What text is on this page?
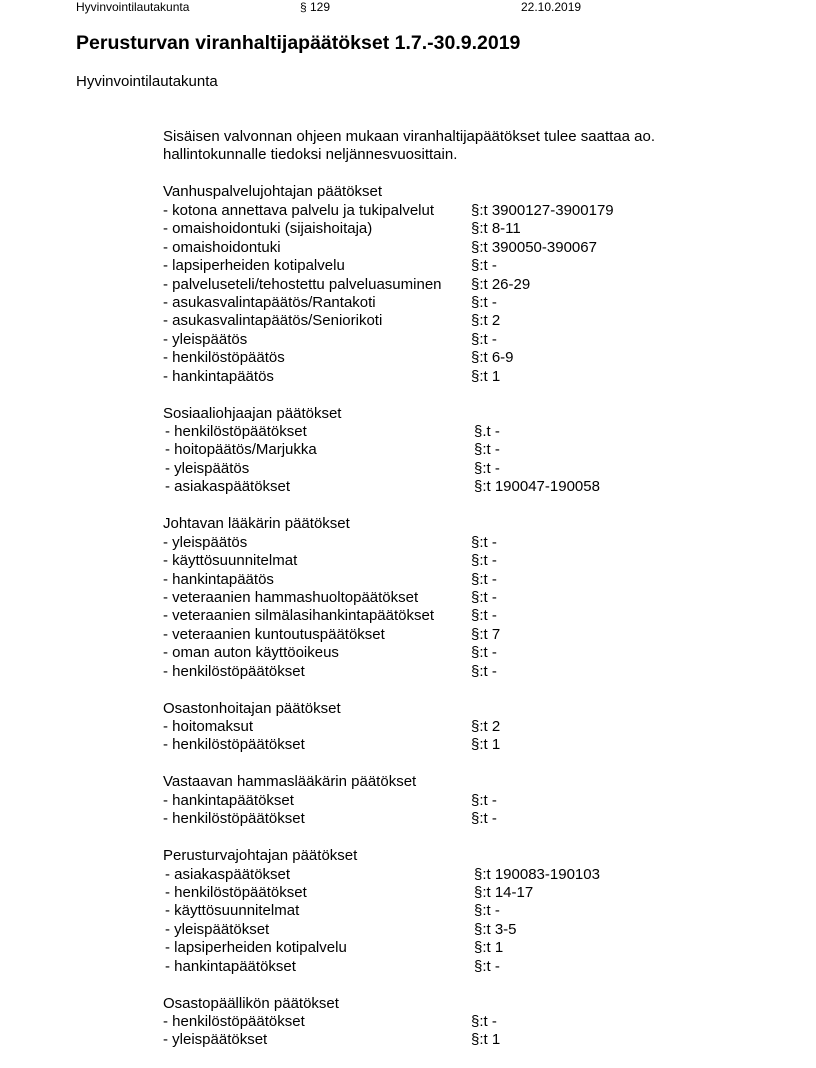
Hyvinvointilautakunta	§ 129	22.10.2019
Perusturvan viranhaltijapäätökset 1.7.-30.9.2019
Hyvinvointilautakunta
Sisäisen valvonnan ohjeen mukaan viranhaltijapäätökset tulee saattaa ao.
hallintokunnalle tiedoksi neljännesvuosittain.
Vanhuspalvelujohtajan päätökset
- kotona annettava palvelu ja tukipalvelut §:t 3900127-3900179
- omaishoidontuki (sijaishoitaja)	§:t 8-11
- omaishoidontuki	§:t 390050-390067
- lapsiperheiden kotipalvelu	§:t -
- palveluseteli/tehostettu palveluasuminen §:t 26-29
- asukasvalintapäätös/Rantakoti	§:t -
- asukasvalintapäätös/Seniorikoti	§:t 2
- yleispäätös	§:t -
- henkilöstöpäätös	§:t 6-9
- hankintapäätös	§:t 1
Sosiaaliohjaajan päätökset
- henkilöstöpäätökset	§.t -
- hoitopäätös/Marjukka	§:t -
- yleispäätös	§:t -
- asiakaspäätökset	§:t 190047-190058
Johtavan lääkärin päätökset
- yleispäätös	§:t -
- käyttösuunnitelmat	§:t -
- hankintapäätös	§:t -
- veteraanien hammashuoltopäätökset	§:t -
- veteraanien silmälasihankintapäätökset §:t -
- veteraanien kuntoutuspäätökset	§:t 7
- oman auton käyttöoikeus	§:t -
- henkilöstöpäätökset	§:t -
Osastonhoitajan päätökset
- hoitomaksut	§:t 2
- henkilöstöpäätökset	§:t 1
Vastaavan hammaslääkärin päätökset
- hankintapäätökset	§:t -
- henkilöstöpäätökset	§:t -
Perusturvajohtajan päätökset
- asiakaspäätökset	§:t 190083-190103
- henkilöstöpäätökset	§:t 14-17
- käyttösuunnitelmat	§:t -
- yleispäätökset	§:t 3-5
- lapsiperheiden kotipalvelu	§:t 1
- hankintapäätökset	§:t -
Osastopäällikön päätökset
- henkilöstöpäätökset	§:t -
- yleispäätökset	§:t 1
